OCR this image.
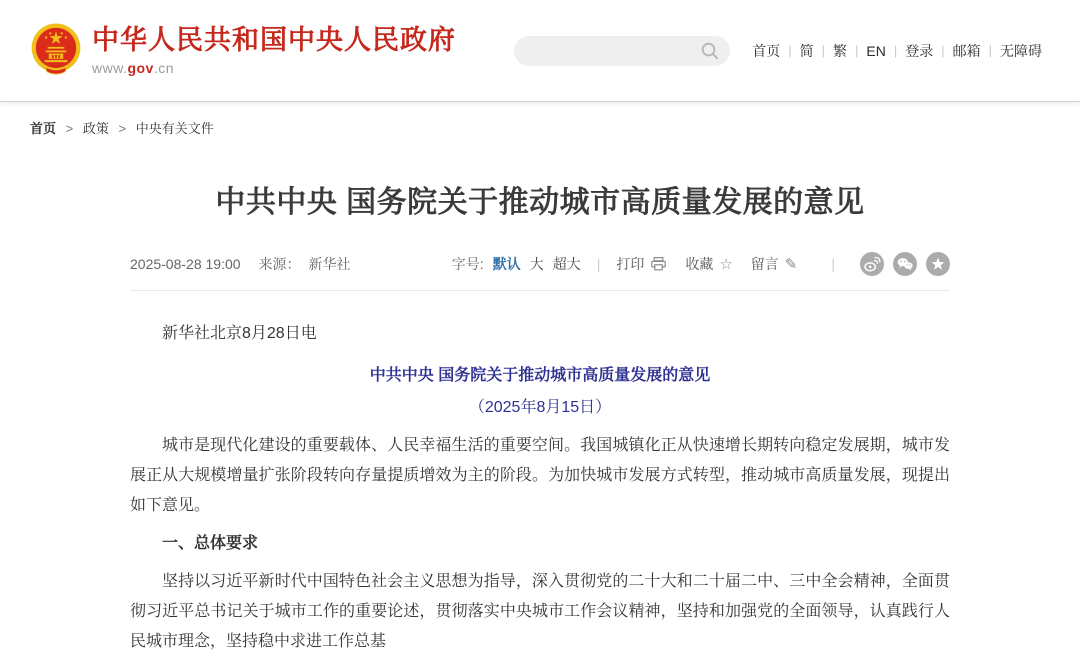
中华人民共和国中央人民政府
www.gov.cn
首页 | 简 | 繁 | EN | 登录 | 邮箱 | 无障碍
首页 > 政策 > 中央有关文件
中共中央 国务院关于推动城市高质量发展的意见
2025-08-28 19:00 来源： 新华社	字号: 默认 大 超大 | 打印	收藏 ☆ 留言 ✎ |

新华社北京8月28日电

中共中央 国务院关于推动城市高质量发展的意见

（2025年8月15日）

城市是现代化建设的重要载体、人民幸福生活的重要空间。我国城镇化正从快速增长期转向稳定发展期，城市发展正从大规模增量扩张阶段转向存量提质增效为主的阶段。为加快城市发展方式转型，推动城市高质量发展，现提出如下意见。

一、总体要求

坚持以习近平新时代中国特色社会主义思想为指导，深入贯彻党的二十大和二十届二中、三中全会精神，全面贯彻习近平总书记关于城市工作的重要论述，贯彻落实中央城市工作会议精神，坚持和加强党的全面领导，认真践行人民城市理念，坚持稳中求进工作总基
